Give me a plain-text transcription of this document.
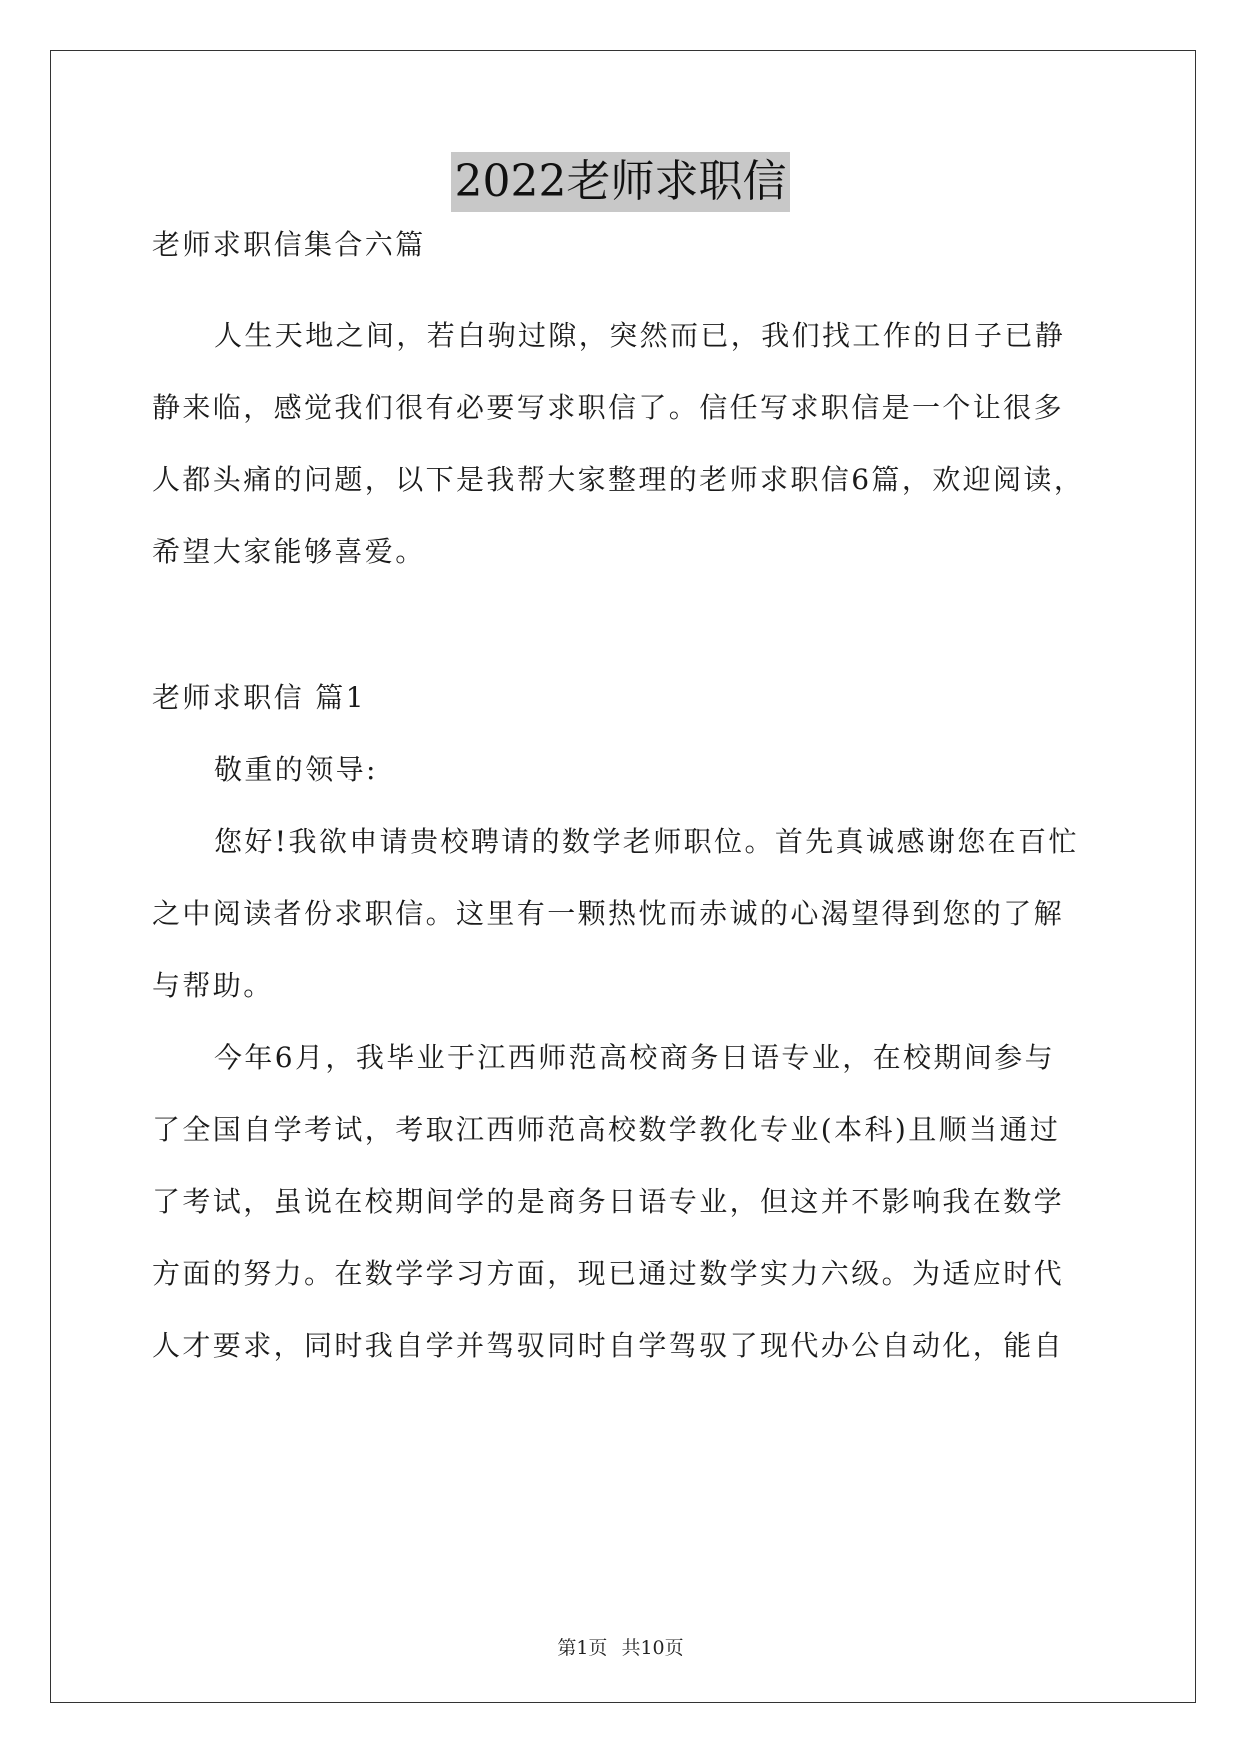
2022老师求职信
老师求职信集合六篇
人生天地之间，若白驹过隙，突然而已，我们找工作的日子已静
静来临，感觉我们很有必要写求职信了。信任写求职信是一个让很多
人都头痛的问题，以下是我帮大家整理的老师求职信6篇，欢迎阅读，
希望大家能够喜爱。
老师求职信 篇1
敬重的领导:
您好!我欲申请贵校聘请的数学老师职位。首先真诚感谢您在百忙
之中阅读者份求职信。这里有一颗热忱而赤诚的心渴望得到您的了解
与帮助。
今年6月，我毕业于江西师范高校商务日语专业，在校期间参与
了全国自学考试，考取江西师范高校数学教化专业(本科)且顺当通过
了考试，虽说在校期间学的是商务日语专业，但这并不影响我在数学
方面的努力。在数学学习方面，现已通过数学实力六级。为适应时代
人才要求，同时我自学并驾驭同时自学驾驭了现代办公自动化，能自
第1页 共10页
